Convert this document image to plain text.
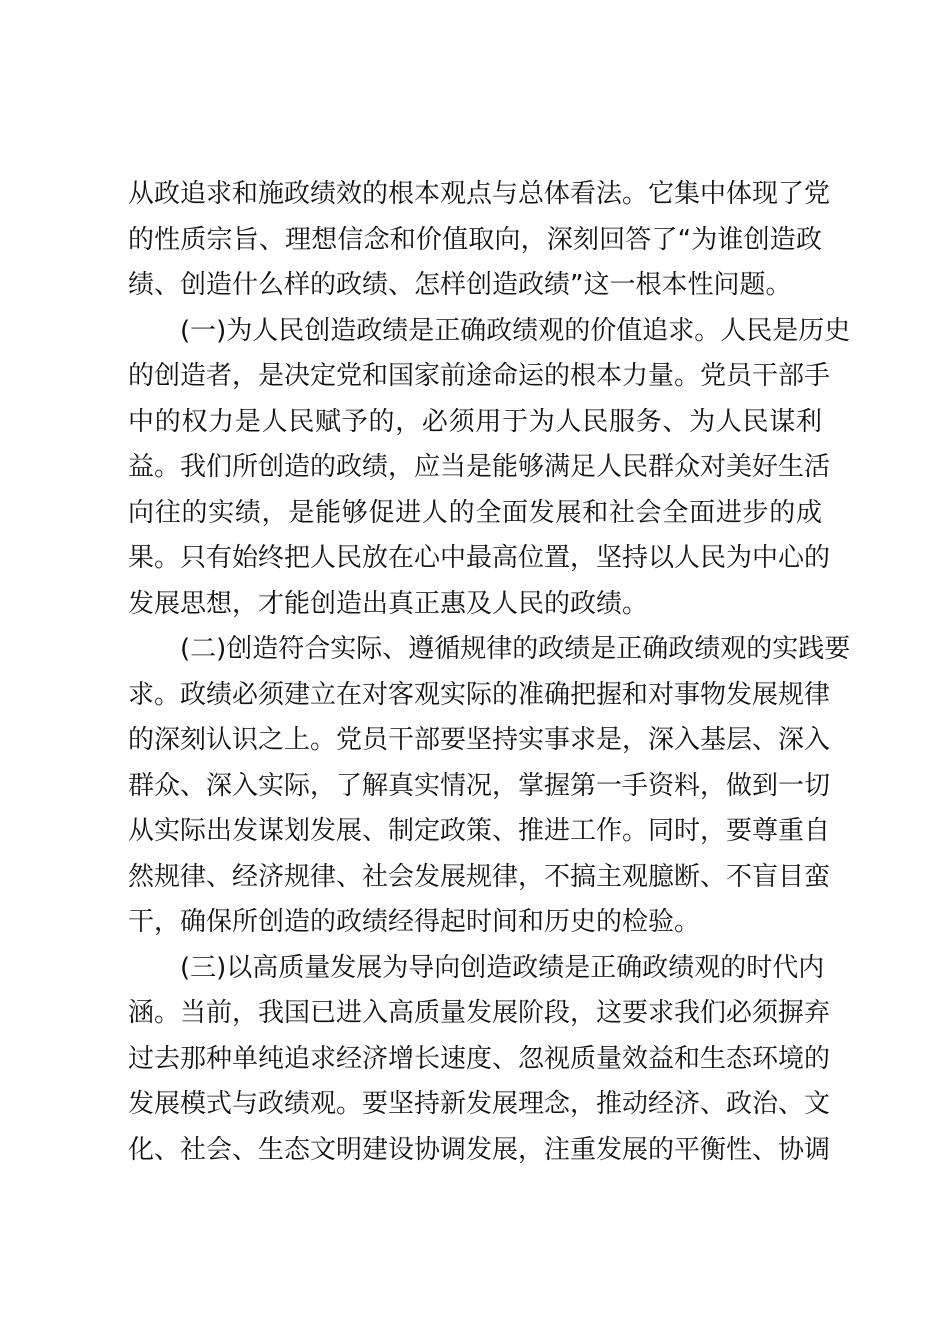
从政追求和施政绩效的根本观点与总体看法。它集中体现了党
的性质宗旨、理想信念和价值取向，深刻回答了“为谁创造政
绩、创造什么样的政绩、怎样创造政绩”这一根本性问题。
(一)为人民创造政绩是正确政绩观的价值追求。人民是历史
的创造者，是决定党和国家前途命运的根本力量。党员干部手
中的权力是人民赋予的，必须用于为人民服务、为人民谋利
益。我们所创造的政绩，应当是能够满足人民群众对美好生活
向往的实绩，是能够促进人的全面发展和社会全面进步的成
果。只有始终把人民放在心中最高位置，坚持以人民为中心的
发展思想，才能创造出真正惠及人民的政绩。
(二)创造符合实际、遵循规律的政绩是正确政绩观的实践要
求。政绩必须建立在对客观实际的准确把握和对事物发展规律
的深刻认识之上。党员干部要坚持实事求是，深入基层、深入
群众、深入实际，了解真实情况，掌握第一手资料，做到一切
从实际出发谋划发展、制定政策、推进工作。同时，要尊重自
然规律、经济规律、社会发展规律，不搞主观臆断、不盲目蛮
干，确保所创造的政绩经得起时间和历史的检验。
(三)以高质量发展为导向创造政绩是正确政绩观的时代内
涵。当前，我国已进入高质量发展阶段，这要求我们必须摒弃
过去那种单纯追求经济增长速度、忽视质量效益和生态环境的
发展模式与政绩观。要坚持新发展理念，推动经济、政治、文
化、社会、生态文明建设协调发展，注重发展的平衡性、协调
